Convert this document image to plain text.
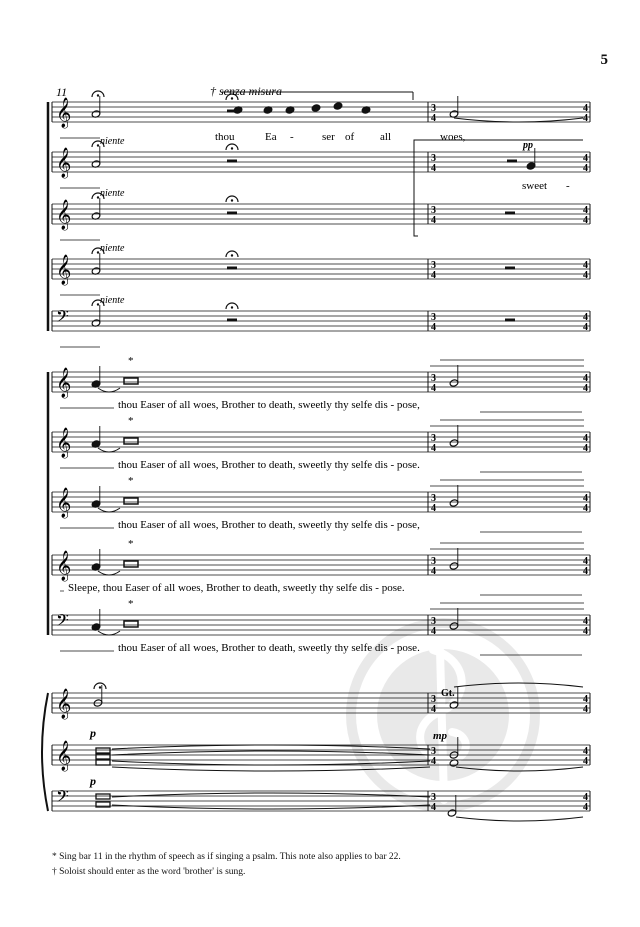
𝄞	3
4
4
4
𝄞	3
4
4
4
niente
𝄞	3
4
4
4
niente
𝄞	3
4
4
4
niente
𝄢	3
4
4
4
niente
thou	Ea -	ser of all	woes,
pp
sweet -
𝄞	3
4
4
4
*
thou Easer of all woes, Brother to death, sweetly thy selfe dis - pose,
𝄞	3
4
4
4
*
thou Easer of all woes, Brother to death, sweetly thy selfe dis - pose.
𝄞	3
4
4
4
*
thou Easer of all woes, Brother to death, sweetly thy selfe dis - pose,
𝄞	3
4
4
4
*
Sleepe, thou Easer of all woes, Brother to death, sweetly thy selfe dis - pose.
𝄢	3
4
4
4
*
thou Easer of all woes, Brother to death, sweetly thy selfe dis - pose.
𝄞	3
4
4
4
𝄞	3
4
4
4
𝄢	3
4
4
4
p
p
mp
11	† senza misura
Gt.
5
* Sing bar 11 in the rhythm of speech as if singing a psalm. This note also applies to bar 22.
† Soloist should enter as the word 'brother' is sung.
